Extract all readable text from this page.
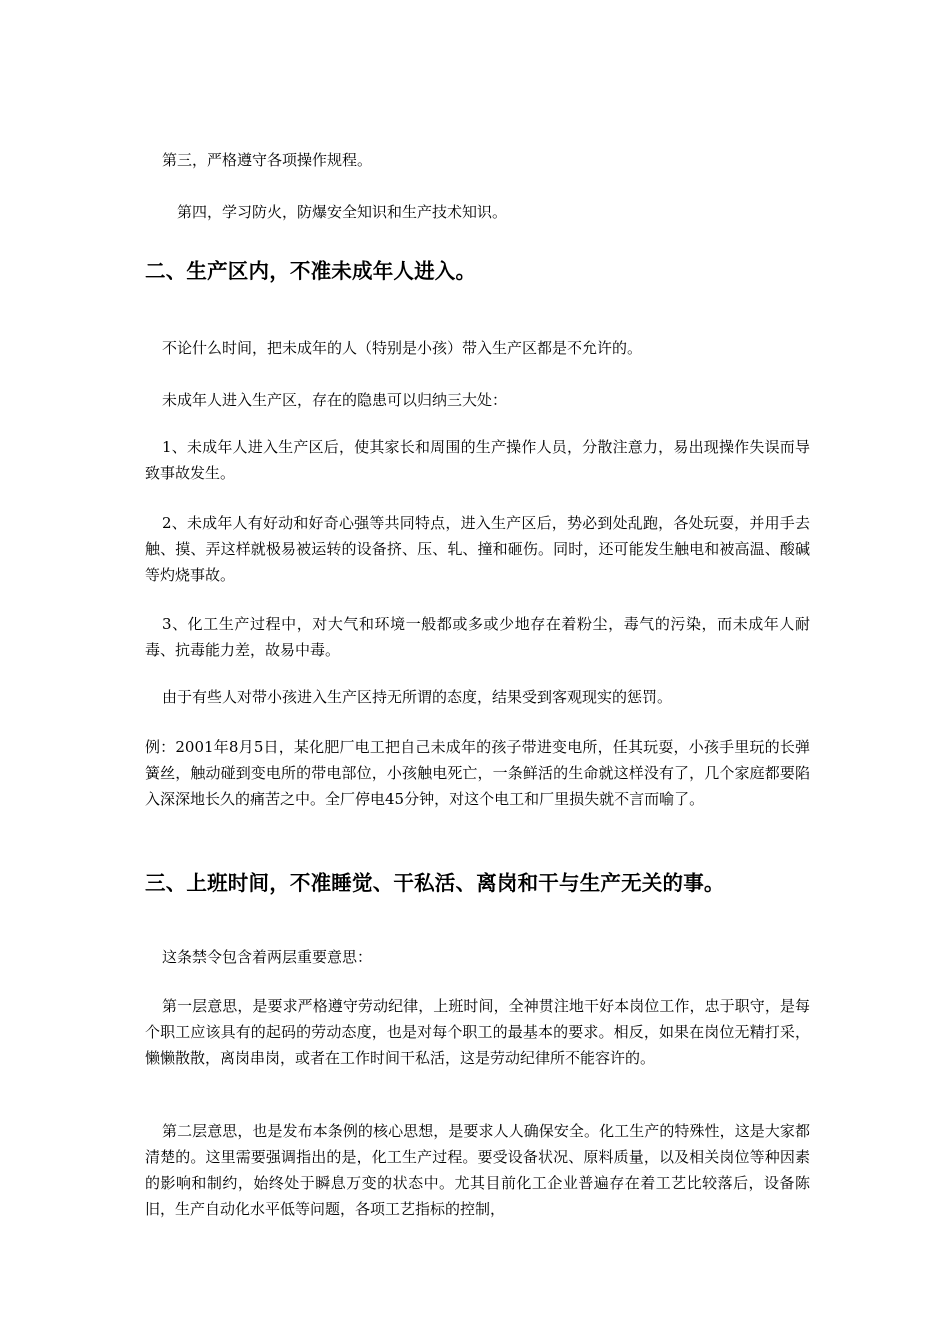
第三，严格遵守各项操作规程。

第四，学习防火，防爆安全知识和生产技术知识。

二、生产区内，不准未成年人进入。

不论什么时间，把未成年的人（特别是小孩）带入生产区都是不允许的。

未成年人进入生产区，存在的隐患可以归纳三大处：

1、未成年人进入生产区后，使其家长和周围的生产操作人员，分散注意力，易出现操作失误而导致事故发生。

2、未成年人有好动和好奇心强等共同特点，进入生产区后，势必到处乱跑，各处玩耍，并用手去触、摸、弄这样就极易被运转的设备挤、压、轧、撞和砸伤。同时，还可能发生触电和被高温、酸碱等灼烧事故。

3、化工生产过程中，对大气和环境一般都或多或少地存在着粉尘，毒气的污染，而未成年人耐毒、抗毒能力差，故易中毒。

由于有些人对带小孩进入生产区持无所谓的态度，结果受到客观现实的惩罚。

例：2001年8月5日，某化肥厂电工把自己未成年的孩子带进变电所，任其玩耍，小孩手里玩的长弹簧丝，触动碰到变电所的带电部位，小孩触电死亡，一条鲜活的生命就这样没有了，几个家庭都要陷入深深地长久的痛苦之中。全厂停电45分钟，对这个电工和厂里损失就不言而喻了。

三、上班时间，不准睡觉、干私活、离岗和干与生产无关的事。

这条禁令包含着两层重要意思：

第一层意思，是要求严格遵守劳动纪律，上班时间，全神贯注地干好本岗位工作，忠于职守，是每个职工应该具有的起码的劳动态度，也是对每个职工的最基本的要求。相反，如果在岗位无精打采，懒懒散散，离岗串岗，或者在工作时间干私活，这是劳动纪律所不能容许的。

第二层意思，也是发布本条例的核心思想，是要求人人确保安全。化工生产的特殊性，这是大家都清楚的。这里需要强调指出的是，化工生产过程。要受设备状况、原料质量，以及相关岗位等种因素的影响和制约，始终处于瞬息万变的状态中。尤其目前化工企业普遍存在着工艺比较落后，设备陈旧，生产自动化水平低等问题，各项工艺指标的控制，
